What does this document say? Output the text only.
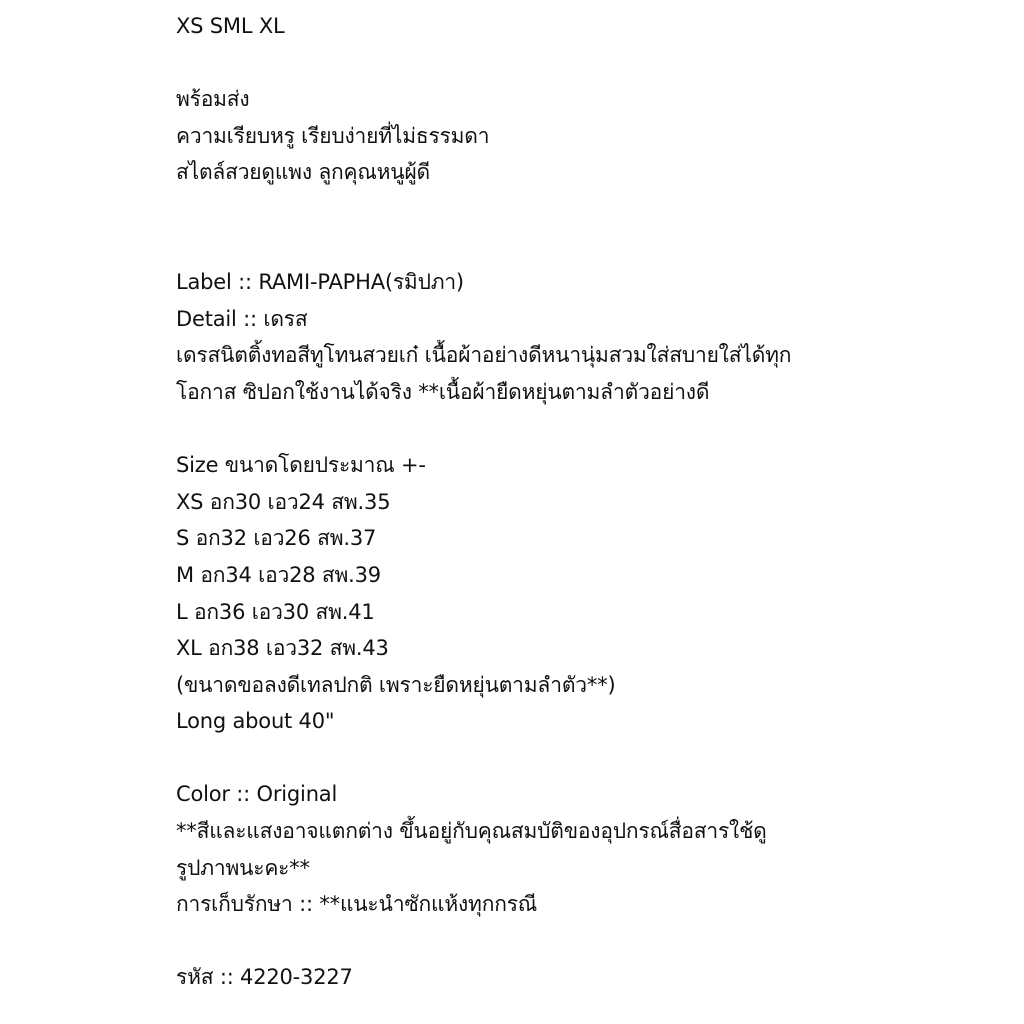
XS SML XL
พร้อมส่ง
ความเรียบหรู เรียบง่ายที่ไม่ธรรมดา
สไตล์สวยดูแพง ลูกคุณหนูผู้ดี
Label :: RAMI-PAPHA(รมิปภา)
Detail :: เดรส
เดรสนิตติ้งทอสีทูโทนสวยเก๋ เนื้อผ้าอย่างดีหนานุ่มสวมใส่สบายใส่ได้ทุก
โอกาส ซิปอกใช้งานได้จริง **เนื้อผ้ายืดหยุ่นตามลำตัวอย่างดี
Size ขนาดโดยประมาณ +-
XS อก30 เอว24 สพ.35
S อก32 เอว26 สพ.37
M อก34 เอว28 สพ.39
L อก36 เอว30 สพ.41
XL อก38 เอว32 สพ.43
(ขนาดขอลงดีเทลปกติ เพราะยืดหยุ่นตามลำตัว**)
Long about 40"
Color :: Original
**สีและแสงอาจแตกต่าง ขึ้นอยู่กับคุณสมบัติของอุปกรณ์สื่อสารใช้ดู
รูปภาพนะคะ**
การเก็บรักษา :: **แนะนำซักแห้งทุกกรณี
รหัส :: 4220-3227
